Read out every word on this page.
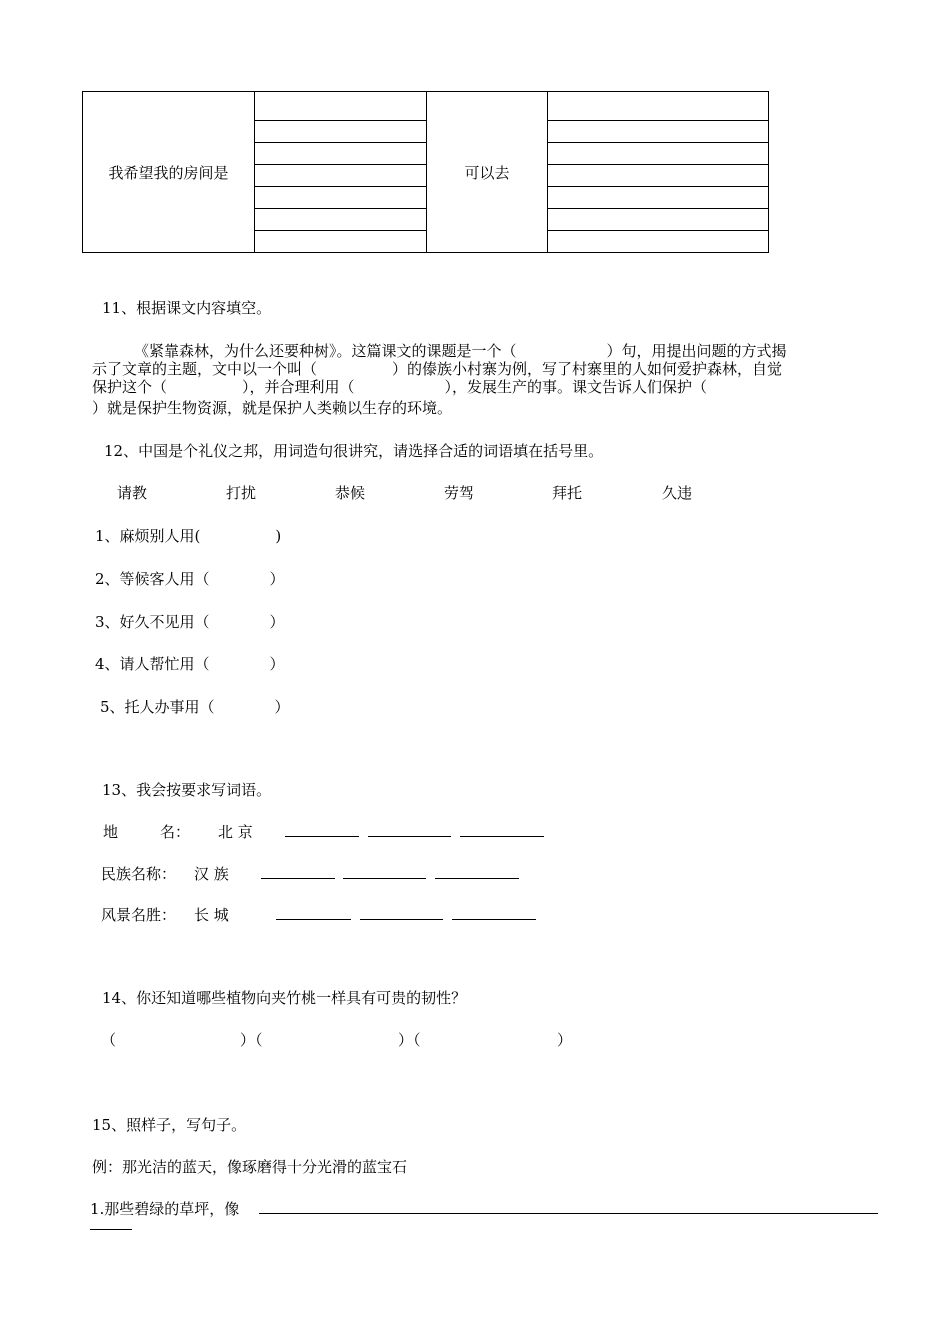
我希望我的房间是	可以去
11、根据课文内容填空。
《紧靠森林，为什么还要种树》。这篇课文的课题是一个（　　　　　　）句，用提出问题的方式揭
示了文章的主题，文中以一个叫（　　　　　）的傣族小村寨为例，写了村寨里的人如何爱护森林，自觉
保护这个（　　　　　），并合理利用（　　　　　　），发展生产的事。课文告诉人们保护（
）就是保护生物资源，就是保护人类赖以生存的环境。
12、中国是个礼仪之邦，用词造句很讲究，请选择合适的词语填在括号里。
请教	打扰	恭候	劳驾	拜托	久违
1、麻烦别人用(　　　　　)
2、等候客人用（　　　　）
3、好久不见用（　　　　）
4、请人帮忙用（　　　　）
5、托人办事用（　　　　）
13、我会按要求写词语。
地	名： 北 京
民族名称： 汉 族
风景名胜： 长 城
14、你还知道哪些植物向夹竹桃一样具有可贵的韧性？
（	）（	）（	）
15、照样子，写句子。
例：那光洁的蓝天，像琢磨得十分光滑的蓝宝石
1.那些碧绿的草坪，像
